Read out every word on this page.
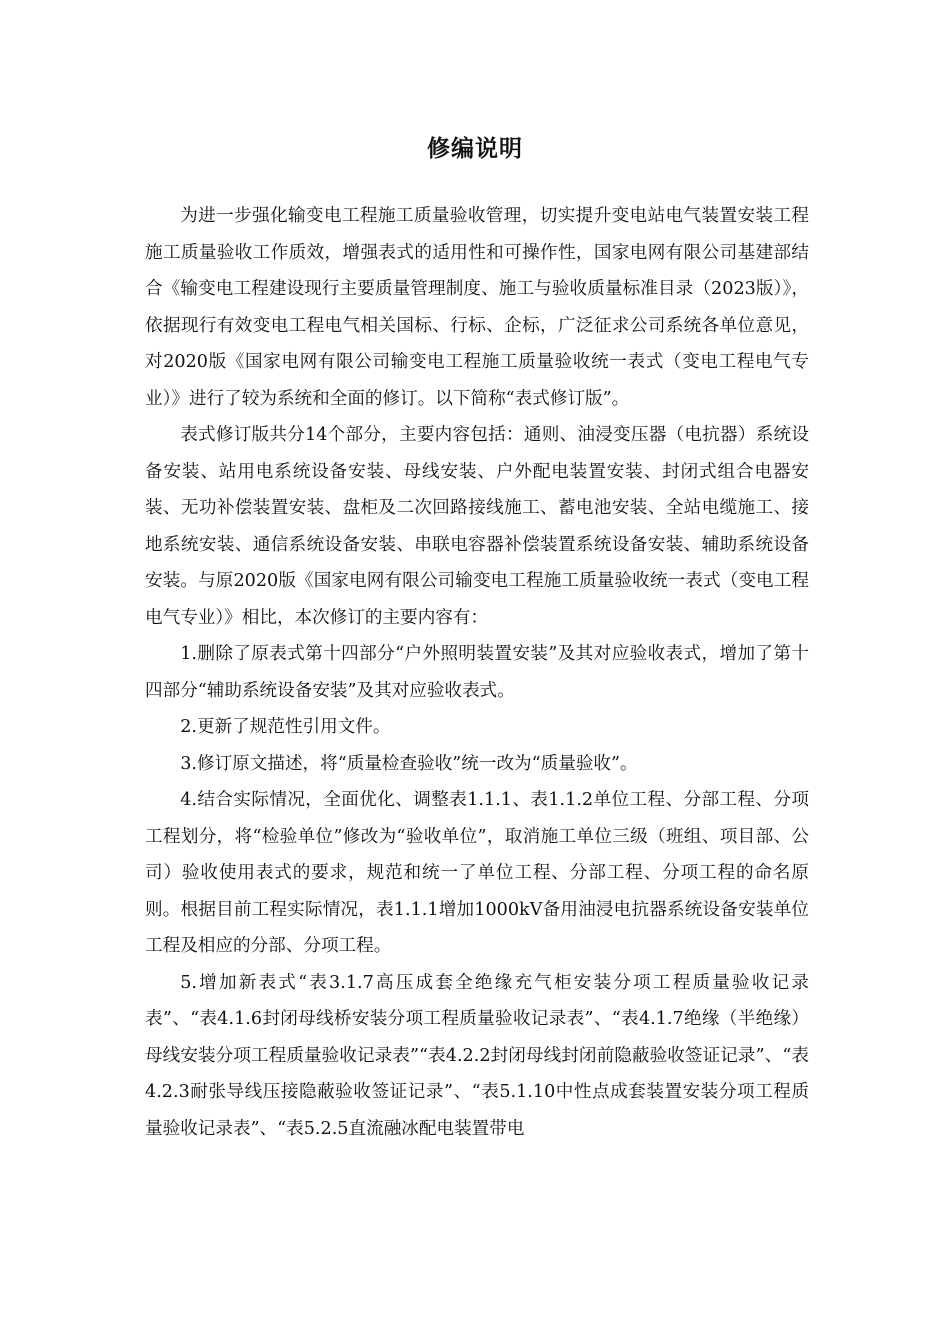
修编说明

为进一步强化输变电工程施工质量验收管理，切实提升变电站电气装置安装工程施工质量验收工作质效，增强表式的适用性和可操作性，国家电网有限公司基建部结合《输变电工程建设现行主要质量管理制度、施工与验收质量标准目录（2023版）》，依据现行有效变电工程电气相关国标、行标、企标，广泛征求公司系统各单位意见，对2020版《国家电网有限公司输变电工程施工质量验收统一表式（变电工程电气专业）》进行了较为系统和全面的修订。以下简称“表式修订版”。

表式修订版共分14个部分，主要内容包括：通则、油浸变压器（电抗器）系统设备安装、站用电系统设备安装、母线安装、户外配电装置安装、封闭式组合电器安装、无功补偿装置安装、盘柜及二次回路接线施工、蓄电池安装、全站电缆施工、接地系统安装、通信系统设备安装、串联电容器补偿装置系统设备安装、辅助系统设备安装。与原2020版《国家电网有限公司输变电工程施工质量验收统一表式（变电工程电气专业）》相比，本次修订的主要内容有：

1.删除了原表式第十四部分“户外照明装置安装”及其对应验收表式，增加了第十四部分“辅助系统设备安装”及其对应验收表式。

2.更新了规范性引用文件。

3.修订原文描述，将“质量检查验收”统一改为“质量验收”。

4.结合实际情况，全面优化、调整表1.1.1、表1.1.2单位工程、分部工程、分项工程划分，将“检验单位”修改为“验收单位”，取消施工单位三级（班组、项目部、公司）验收使用表式的要求，规范和统一了单位工程、分部工程、分项工程的命名原则。根据目前工程实际情况，表1.1.1增加1000kV备用油浸电抗器系统设备安装单位工程及相应的分部、分项工程。

5.增加新表式“表3.1.7高压成套全绝缘充气柜安装分项工程质量验收记录表”、“表4.1.6封闭母线桥安装分项工程质量验收记录表”、“表4.1.7绝缘（半绝缘）母线安装分项工程质量验收记录表”“表4.2.2封闭母线封闭前隐蔽验收签证记录”、“表4.2.3耐张导线压接隐蔽验收签证记录”、“表5.1.10中性点成套装置安装分项工程质量验收记录表”、“表5.2.5直流融冰配电装置带电
